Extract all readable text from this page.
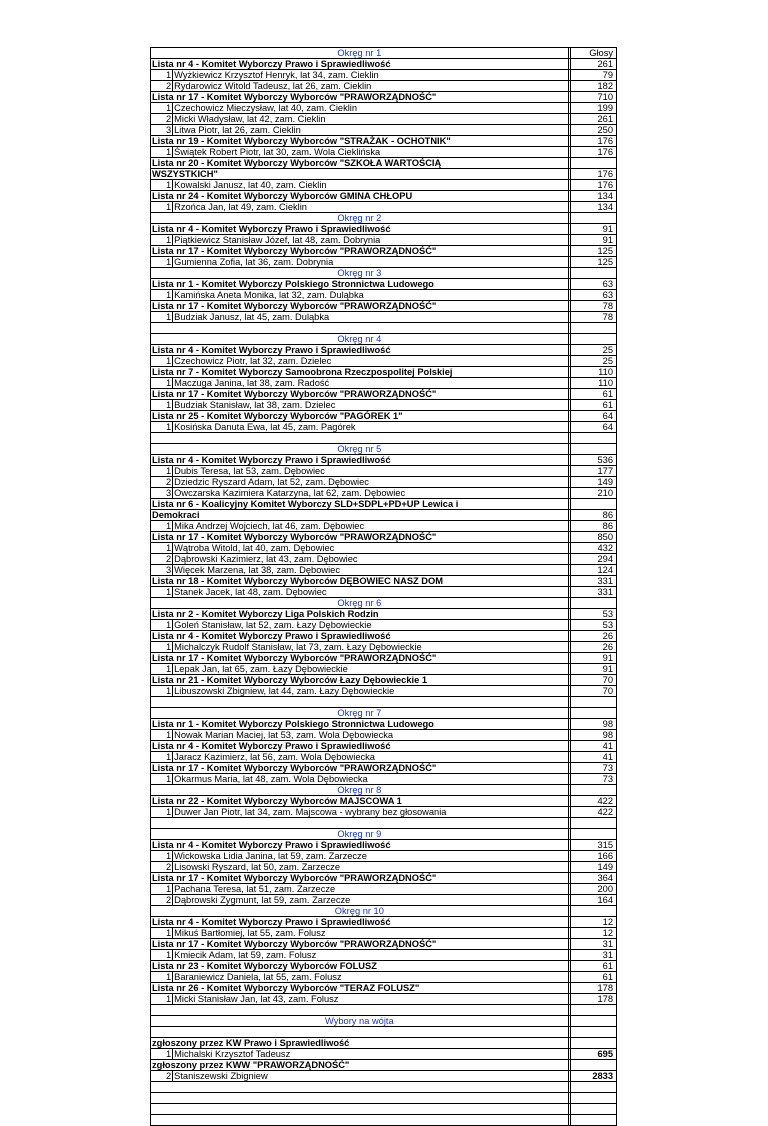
Okręg nr 1			Głosy
Lista nr 4 - Komitet Wyborczy Prawo i Sprawiedliwość			261
1	Wyżkiewicz Krzysztof Henryk, lat 34, zam. Cieklin		79
2	Rydarowicz Witold Tadeusz, lat 26, zam. Cieklin		182
Lista nr 17 - Komitet Wyborczy Wyborców "PRAWORZĄDNOŚĆ"			710
1	Czechowicz Mieczysław, lat 40, zam. Cieklin		199
2	Micki Władysław, lat 42, zam. Cieklin		261
3	Litwa Piotr, lat 26, zam. Cieklin		250
Lista nr 19 - Komitet Wyborczy Wyborców "STRAŻAK - OCHOTNIK"			176
1	Świątek Robert Piotr, lat 30, zam. Wola Cieklińska		176
Lista nr 20 - Komitet Wyborczy Wyborców "SZKOŁA WARTOŚCIĄ			
WSZYSTKICH"			176
1	Kowalski Janusz, lat 40, zam. Cieklin		176
Lista nr 24 - Komitet Wyborczy Wyborców GMINA CHŁOPU			134
1	Rzońca Jan, lat 49, zam. Cieklin		134
Okręg nr 2			
Lista nr 4 - Komitet Wyborczy Prawo i Sprawiedliwość			91
1	Piątkiewicz Stanisław Józef, lat 48, zam. Dobrynia		91
Lista nr 17 - Komitet Wyborczy Wyborców "PRAWORZĄDNOŚĆ"			125
1	Gumienna Zofia, lat 36, zam. Dobrynia		125
Okręg nr 3			
Lista nr 1 - Komitet Wyborczy Polskiego Stronnictwa Ludowego			63
1	Kamińska Aneta Monika, lat 32, zam. Duląbka		63
Lista nr 17 - Komitet Wyborczy Wyborców "PRAWORZĄDNOŚĆ"			78
1	Budziak Janusz, lat 45, zam. Duląbka		78

Okręg nr 4			
Lista nr 4 - Komitet Wyborczy Prawo i Sprawiedliwość			25
1	Czechowicz Piotr, lat 32, zam. Dzielec		25
Lista nr 7 - Komitet Wyborczy Samoobrona Rzeczpospolitej Polskiej			110
1	Maczuga Janina, lat 38, zam. Radość		110
Lista nr 17 - Komitet Wyborczy Wyborców "PRAWORZĄDNOŚĆ"			61
1	Budziak Stanisław, lat 38, zam. Dzielec		61
Lista nr 25 - Komitet Wyborczy Wyborców "PAGÓREK 1"			64
1	Kosińska Danuta Ewa, lat 45, zam. Pagórek		64

Okręg nr 5			
Lista nr 4 - Komitet Wyborczy Prawo i Sprawiedliwość			536
1	Dubis Teresa, lat 53, zam. Dębowiec		177
2	Dziedzic Ryszard Adam, lat 52, zam. Dębowiec		149
3	Owczarska Kazimiera Katarzyna, lat 62, zam. Dębowiec		210
Lista nr 6 - Koalicyjny Komitet Wyborczy SLD+SDPL+PD+UP Lewica i			
Demokraci			86
1	Mika Andrzej Wojciech, lat 46, zam. Dębowiec		86
Lista nr 17 - Komitet Wyborczy Wyborców "PRAWORZĄDNOŚĆ"			850
1	Wątroba Witold, lat 40, zam. Dębowiec		432
2	Dąbrowski Kazimierz, lat 43, zam. Dębowiec		294
3	Więcek Marzena, lat 38, zam. Dębowiec		124
Lista nr 18 - Komitet Wyborczy Wyborców DĘBOWIEC NASZ DOM			331
1	Stanek Jacek, lat 48, zam. Dębowiec		331
Okręg nr 6			
Lista nr 2 - Komitet Wyborczy Liga Polskich Rodzin			53
1	Goleń Stanisław, lat 52, zam. Łazy Dębowieckie		53
Lista nr 4 - Komitet Wyborczy Prawo i Sprawiedliwość			26
1	Michalczyk Rudolf Stanisław, lat 73, zam. Łazy Dębowieckie		26
Lista nr 17 - Komitet Wyborczy Wyborców "PRAWORZĄDNOŚĆ"			91
1	Lepak Jan, lat 65, zam. Łazy Dębowieckie		91
Lista nr 21 - Komitet Wyborczy Wyborców Łazy Dębowieckie 1			70
1	Libuszowski Zbigniew, lat 44, zam. Łazy Dębowieckie		70

Okręg nr 7			
Lista nr 1 - Komitet Wyborczy Polskiego Stronnictwa Ludowego			98
1	Nowak Marian Maciej, lat 53, zam. Wola Dębowiecka		98
Lista nr 4 - Komitet Wyborczy Prawo i Sprawiedliwość			41
1	Jaracz Kazimierz, lat 56, zam. Wola Dębowiecka		41
Lista nr 17 - Komitet Wyborczy Wyborców "PRAWORZĄDNOŚĆ"			73
1	Okarmus Maria, lat 48, zam. Wola Dębowiecka		73
Okręg nr 8			
Lista nr 22 - Komitet Wyborczy Wyborców MAJSCOWA 1			422
1	Duwer Jan Piotr, lat 34, zam. Majscowa - wybrany bez głosowania		422

Okręg nr 9			
Lista nr 4 - Komitet Wyborczy Prawo i Sprawiedliwość			315
1	Wickowska Lidia Janina, lat 59, zam. Zarzecze		166
2	Lisowski Ryszard, lat 50, zam. Zarzecze		149
Lista nr 17 - Komitet Wyborczy Wyborców "PRAWORZĄDNOŚĆ"			364
1	Pachana Teresa, lat 51, zam. Zarzecze		200
2	Dąbrowski Zygmunt, lat 59, zam. Zarzecze		164
Okręg nr 10			
Lista nr 4 - Komitet Wyborczy Prawo i Sprawiedliwość			12
1	Mikuś Bartłomiej, lat 55, zam. Folusz		12
Lista nr 17 - Komitet Wyborczy Wyborców "PRAWORZĄDNOŚĆ"			31
1	Kmiecik Adam, lat 59, zam. Folusz		31
Lista nr 23 - Komitet Wyborczy Wyborców FOLUSZ			61
1	Baraniewicz Daniela, lat 55, zam. Folusz		61
Lista nr 26 - Komitet Wyborczy Wyborców "TERAZ FOLUSZ"			178
1	Micki Stanisław Jan, lat 43, zam. Folusz		178

Wybory na wójta			

zgłoszony przez KW Prawo i Sprawiedliwość			
1	Michalski Krzysztof Tadeusz		695
zgłoszony przez KWW "PRAWORZĄDNOŚĆ"			
2	Staniszewski Zbigniew		2833
